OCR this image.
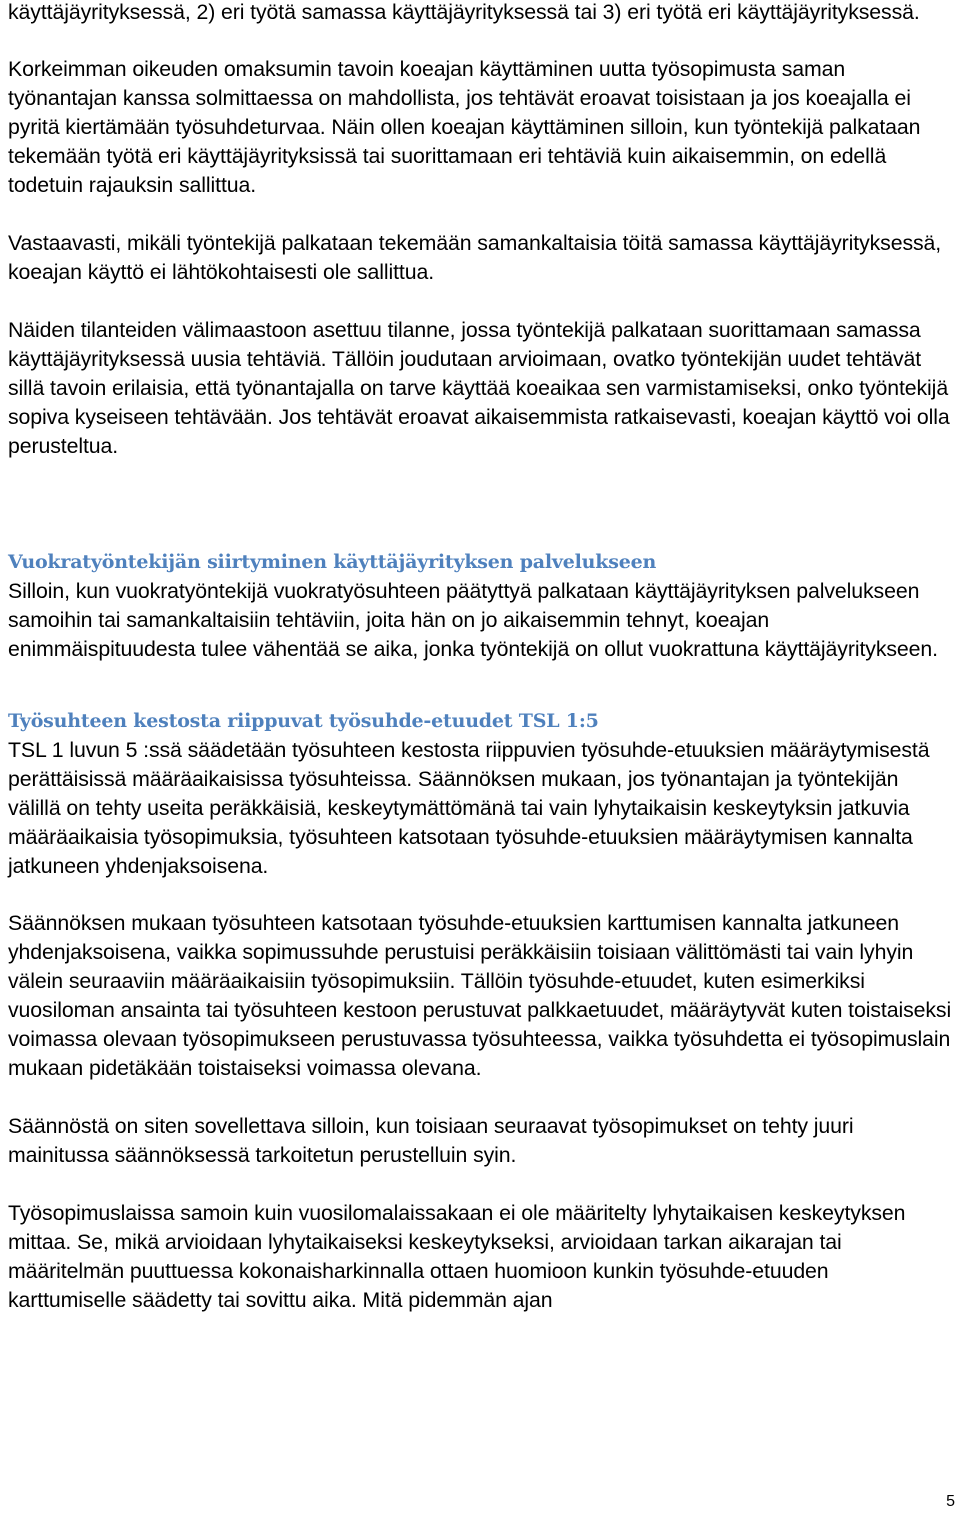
käyttäjäyrityksessä, 2) eri työtä samassa käyttäjäyrityksessä tai 3) eri työtä eri käyttäjäyrityksessä.

Korkeimman oikeuden omaksumin tavoin koeajan käyttäminen uutta työsopimusta saman työnantajan kanssa solmittaessa on mahdollista, jos tehtävät eroavat toisistaan ja jos koeajalla ei pyritä kiertämään työsuhdeturvaa. Näin ollen koeajan käyttäminen silloin, kun työntekijä palkataan tekemään työtä eri käyttäjäyrityksissä tai suorittamaan eri tehtäviä kuin aikaisemmin, on edellä todetuin rajauksin sallittua.

Vastaavasti, mikäli työntekijä palkataan tekemään samankaltaisia töitä samassa käyttäjäyrityksessä, koeajan käyttö ei lähtökohtaisesti ole sallittua.

Näiden tilanteiden välimaastoon asettuu tilanne, jossa työntekijä palkataan suorittamaan samassa käyttäjäyrityksessä uusia tehtäviä. Tällöin joudutaan arvioimaan, ovatko työntekijän uudet tehtävät sillä tavoin erilaisia, että työnantajalla on tarve käyttää koeaikaa sen varmistamiseksi, onko työntekijä sopiva kyseiseen tehtävään. Jos tehtävät eroavat aikaisemmista ratkaisevasti, koeajan käyttö voi olla perusteltua.

Vuokratyöntekijän siirtyminen käyttäjäyrityksen palvelukseen

Silloin, kun vuokratyöntekijä vuokratyösuhteen päätyttyä palkataan käyttäjäyrityksen palvelukseen samoihin tai samankaltaisiin tehtäviin, joita hän on jo aikaisemmin tehnyt, koeajan enimmäispituudesta tulee vähentää se aika, jonka työntekijä on ollut vuokrattuna käyttäjäyritykseen.

Työsuhteen kestosta riippuvat työsuhde-etuudet TSL 1:5

TSL 1 luvun 5 :ssä säädetään työsuhteen kestosta riippuvien työsuhde-etuuksien määräytymisestä perättäisissä määräaikaisissa työsuhteissa. Säännöksen mukaan, jos työnantajan ja työntekijän välillä on tehty useita peräkkäisiä, keskeytymättömänä tai vain lyhytaikaisin keskeytyksin jatkuvia määräaikaisia työsopimuksia, työsuhteen katsotaan työsuhde-etuuksien määräytymisen kannalta jatkuneen yhdenjaksoisena.

Säännöksen mukaan työsuhteen katsotaan työsuhde-etuuksien karttumisen kannalta jatkuneen yhdenjaksoisena, vaikka sopimussuhde perustuisi peräkkäisiin toisiaan välittömästi tai vain lyhyin välein seuraaviin määräaikaisiin työsopimuksiin. Tällöin työsuhde-etuudet, kuten esimerkiksi vuosiloman ansainta tai työsuhteen kestoon perustuvat palkkaetuudet, määräytyvät kuten toistaiseksi voimassa olevaan työsopimukseen perustuvassa työsuhteessa, vaikka työsuhdetta ei työsopimuslain mukaan pidetäkään toistaiseksi voimassa olevana.

Säännöstä on siten sovellettava silloin, kun toisiaan seuraavat työsopimukset on tehty juuri mainitussa säännöksessä tarkoitetun perustelluin syin.

Työsopimuslaissa samoin kuin vuosilomalaissakaan ei ole määritelty lyhytaikaisen keskeytyksen mittaa. Se, mikä arvioidaan lyhytaikaiseksi keskeytykseksi, arvioidaan tarkan aikarajan tai määritelmän puuttuessa kokonaisharkinnalla ottaen huomioon kunkin työsuhde-etuuden karttumiselle säädetty tai sovittu aika. Mitä pidemmän ajan

5
